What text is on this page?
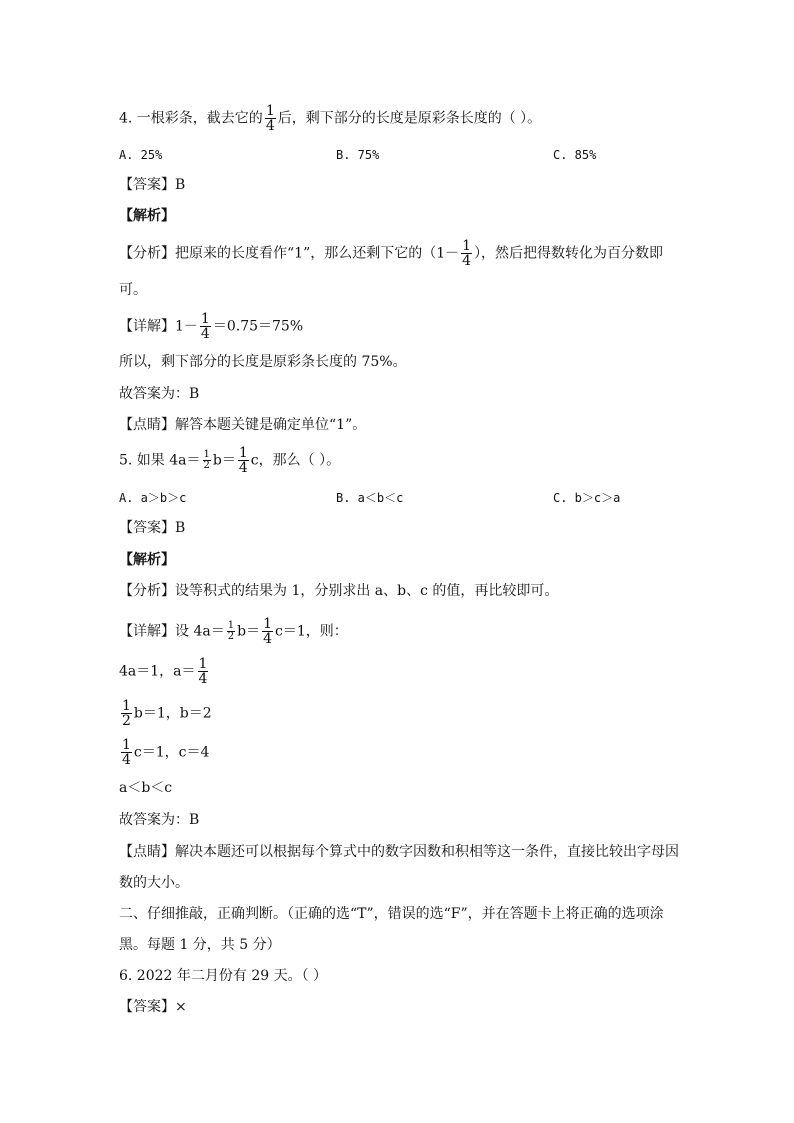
4. 一根彩条，截去它的 $\frac{1}{4}$ 后，剩下部分的长度是原彩条长度的（ ）。
A. 25%	B. 75%	C. 85%
【答案】B
【解析】
【分析】把原来的长度看作“1”，那么还剩下它的（$1- \frac{1}{4}$ ），然后把得数转化为百分数即
可。
【详解】$1- \frac{1}{4} =0.75=75\%$
所以，剩下部分的长度是原彩条长度的 75%。
故答案为：B
【点睛】解答本题关键是确定单位“1”。
5. 如果 $4a= \frac{1}{2} b= \frac{1}{4}$ c，那么（ ）。
A. a＞b＞c	B. a＜b＜c	C. b＞c＞a
【答案】B
【解析】
【分析】设等积式的结果为 1，分别求出 a、b、c 的值，再比较即可。
【详解】设 $4a= \frac{1}{2} b= \frac{1}{4} c=1$，则：
4a＝1，$a= \frac{1}{4}$
$\frac{1}{2} b=1$，b＝2
$\frac{1}{4} c=1$，c＝4
a＜b＜c
故答案为：B
【点睛】解决本题还可以根据每个算式中的数字因数和积相等这一条件，直接比较出字母因
数的大小。
二、仔细推敲，正确判断。（正确的选“T”，错误的选“F”，并在答题卡上将正确的选项涂
黑。每题 1 分，共 5 分）
6. 2022 年二月份有 29 天。（ ）
【答案】×
